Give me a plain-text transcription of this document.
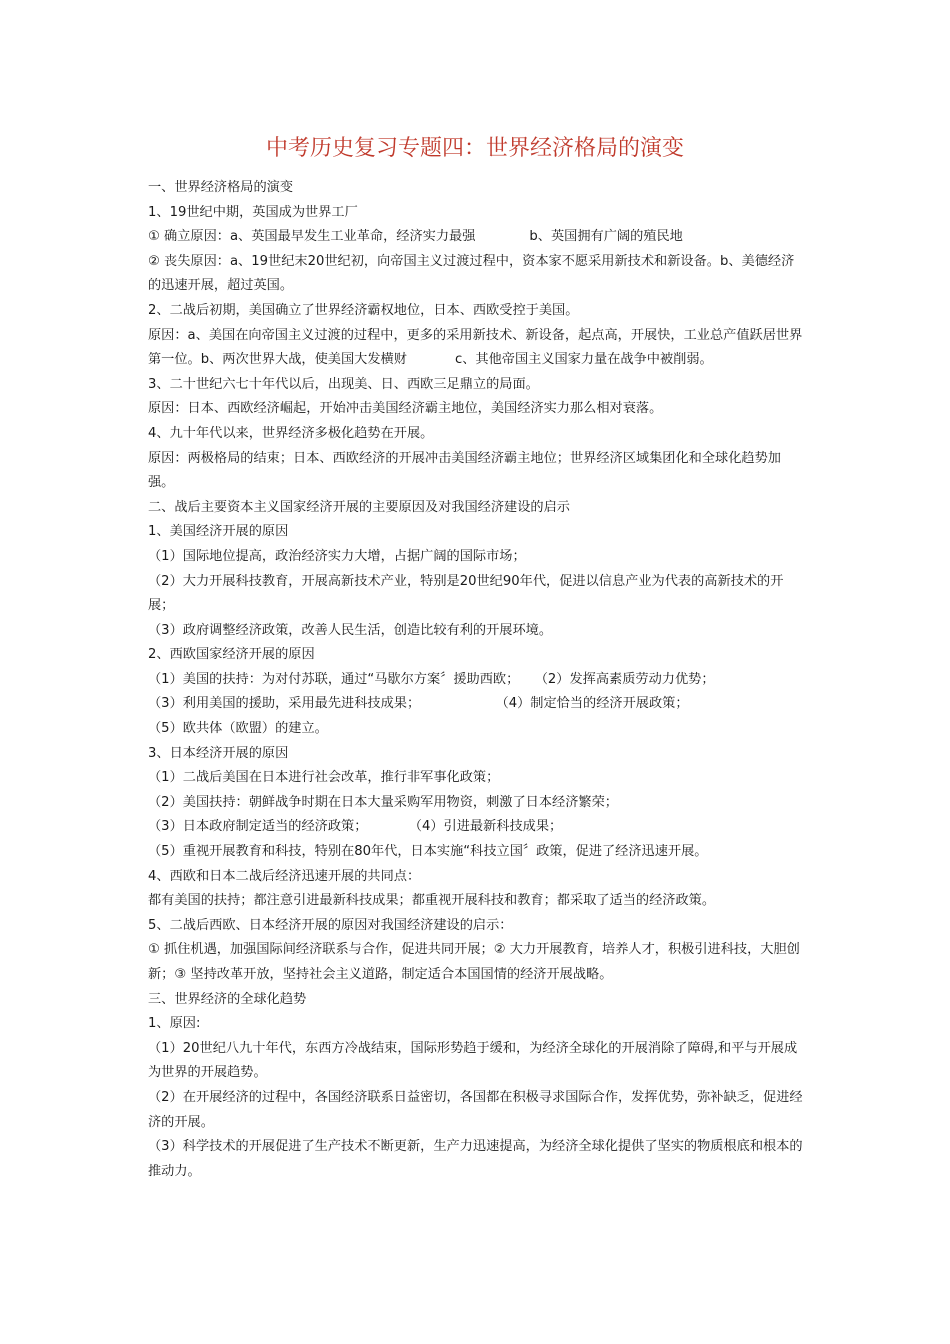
中考历史复习专题四：世界经济格局的演变

一、世界经济格局的演变

1、19世纪中期，英国成为世界工厂

① 确立原因：a、英国最早发生工业革命，经济实力最强	b、英国拥有广阔的殖民地

② 丧失原因：a、19世纪末20世纪初，向帝国主义过渡过程中，资本家不愿采用新技术和新设备。b、美德经济的迅速开展，超过英国。

2、二战后初期，美国确立了世界经济霸权地位，日本、西欧受控于美国。

原因：a、美国在向帝国主义过渡的过程中，更多的采用新技术、新设备，起点高，开展快，工业总产值跃居世界第一位。b、两次世界大战，使美国大发横财	c、其他帝国主义国家力量在战争中被削弱。

3、二十世纪六七十年代以后，出现美、日、西欧三足鼎立的局面。

原因：日本、西欧经济崛起，开始冲击美国经济霸主地位，美国经济实力那么相对衰落。

4、九十年代以来，世界经济多极化趋势在开展。

原因：两极格局的结束；日本、西欧经济的开展冲击美国经济霸主地位；世界经济区域集团化和全球化趋势加强。

二、战后主要资本主义国家经济开展的主要原因及对我国经济建设的启示

1、美国经济开展的原因

（1）国际地位提高，政治经济实力大增，占据广阔的国际市场；

（2）大力开展科技教育，开展高新技术产业，特别是20世纪90年代，促进以信息产业为代表的高新技术的开展；

（3）政府调整经济政策，改善人民生活，创造比较有利的开展环境。

2、西欧国家经济开展的原因

（1）美国的扶持：为对付苏联，通过“马歇尔方案〞援助西欧； （2）发挥高素质劳动力优势；

（3）利用美国的援助，采用最先进科技成果；	（4）制定恰当的经济开展政策；

（5）欧共体（欧盟）的建立。

3、日本经济开展的原因

（1）二战后美国在日本进行社会改革，推行非军事化政策；

（2）美国扶持：朝鲜战争时期在日本大量采购军用物资，刺激了日本经济繁荣；

（3）日本政府制定适当的经济政策；	（4）引进最新科技成果；

（5）重视开展教育和科技，特别在80年代，日本实施“科技立国〞政策，促进了经济迅速开展。

4、西欧和日本二战后经济迅速开展的共同点：

都有美国的扶持；都注意引进最新科技成果；都重视开展科技和教育；都采取了适当的经济政策。

5、二战后西欧、日本经济开展的原因对我国经济建设的启示：

① 抓住机遇，加强国际间经济联系与合作，促进共同开展；② 大力开展教育，培养人才，积极引进科技，大胆创新；③ 坚持改革开放，坚持社会主义道路，制定适合本国国情的经济开展战略。

三、世界经济的全球化趋势

1、原因:

（1）20世纪八九十年代，东西方冷战结束，国际形势趋于缓和，为经济全球化的开展消除了障碍,和平与开展成为世界的开展趋势。

（2）在开展经济的过程中，各国经济联系日益密切，各国都在积极寻求国际合作，发挥优势，弥补缺乏，促进经济的开展。

（3）科学技术的开展促进了生产技术不断更新，生产力迅速提高，为经济全球化提供了坚实的物质根底和根本的推动力。
